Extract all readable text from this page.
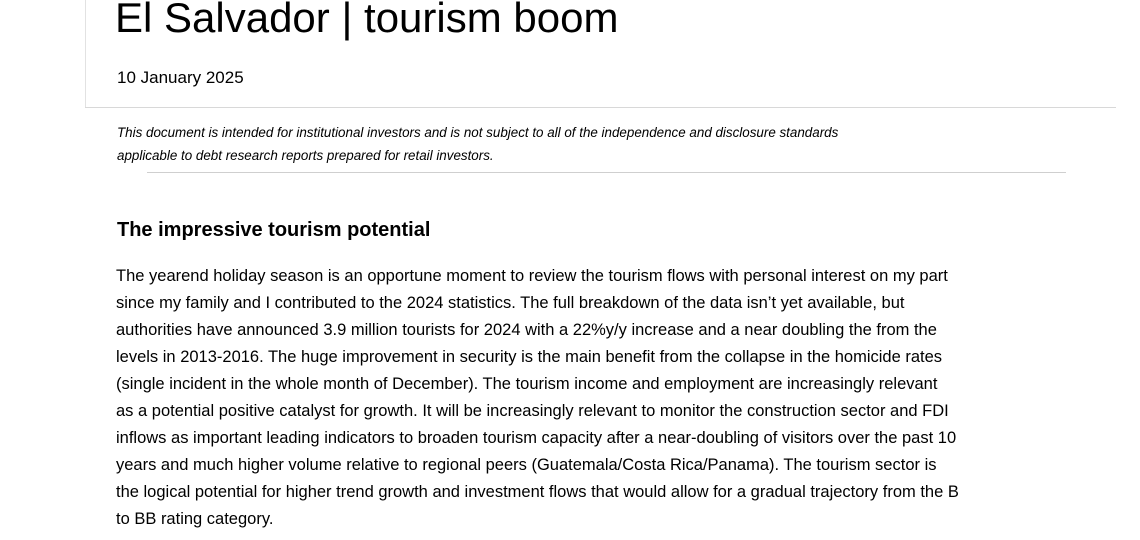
El Salvador | tourism boom
10 January 2025
This document is intended for institutional investors and is not subject to all of the independence and disclosure standards
applicable to debt research reports prepared for retail investors.
The impressive tourism potential
The yearend holiday season is an opportune moment to review the tourism flows with personal interest on my part
since my family and I contributed to the 2024 statistics. The full breakdown of the data isn’t yet available, but
authorities have announced 3.9 million tourists for 2024 with a 22%y/y increase and a near doubling the from the
levels in 2013-2016. The huge improvement in security is the main benefit from the collapse in the homicide rates
(single incident in the whole month of December). The tourism income and employment are increasingly relevant
as a potential positive catalyst for growth. It will be increasingly relevant to monitor the construction sector and FDI
inflows as important leading indicators to broaden tourism capacity after a near-doubling of visitors over the past 10
years and much higher volume relative to regional peers (Guatemala/Costa Rica/Panama). The tourism sector is
the logical potential for higher trend growth and investment flows that would allow for a gradual trajectory from the B
to BB rating category.
